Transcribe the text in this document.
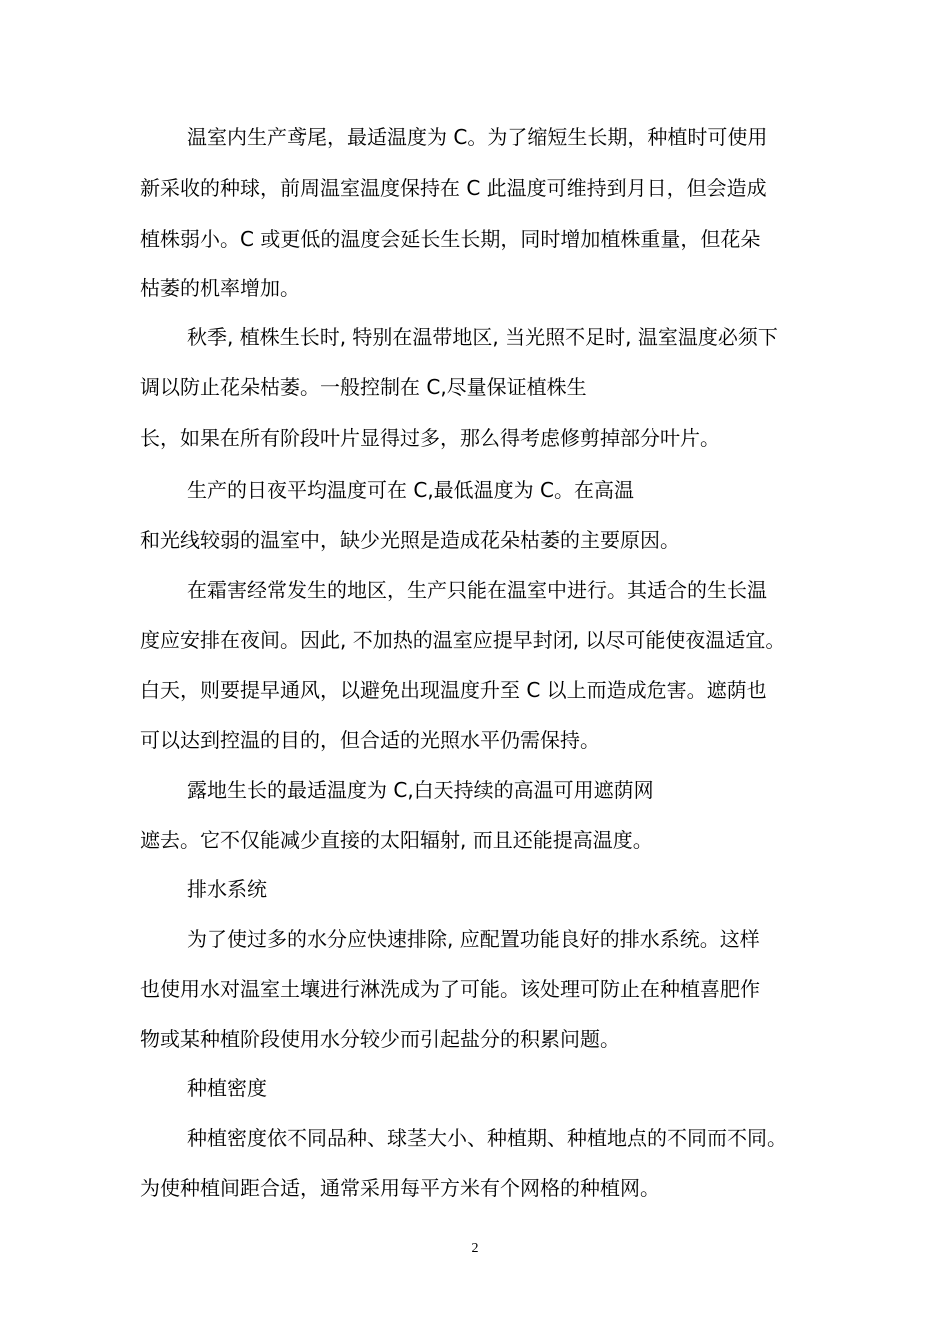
温室内生产鸢尾，最适温度为 C。为了缩短生长期，种植时可使用
新采收的种球，前周温室温度保持在 C 此温度可维持到月日，但会造成
植株弱小。C 或更低的温度会延长生长期，同时增加植株重量，但花朵
枯萎的机率增加。
秋季, 植株生长时, 特别在温带地区, 当光照不足时, 温室温度必须下
调以防止花朵枯萎。一般控制在 C,尽量保证植株生
长，如果在所有阶段叶片显得过多，那么得考虑修剪掉部分叶片。
生产的日夜平均温度可在 C,最低温度为 C。在高温
和光线较弱的温室中，缺少光照是造成花朵枯萎的主要原因。
在霜害经常发生的地区，生产只能在温室中进行。其适合的生长温
度应安排在夜间。因此, 不加热的温室应提早封闭, 以尽可能使夜温适宜。
白天，则要提早通风，以避免出现温度升至 C 以上而造成危害。遮荫也
可以达到控温的目的，但合适的光照水平仍需保持。
露地生长的最适温度为 C,白天持续的高温可用遮荫网
遮去。它不仅能减少直接的太阳辐射, 而且还能提高温度。
排水系统
为了使过多的水分应快速排除, 应配置功能良好的排水系统。这样
也使用水对温室土壤进行淋洗成为了可能。该处理可防止在种植喜肥作
物或某种植阶段使用水分较少而引起盐分的积累问题。
种植密度
种植密度依不同品种、球茎大小、种植期、种植地点的不同而不同。
为使种植间距合适，通常采用每平方米有个网格的种植网。
2
